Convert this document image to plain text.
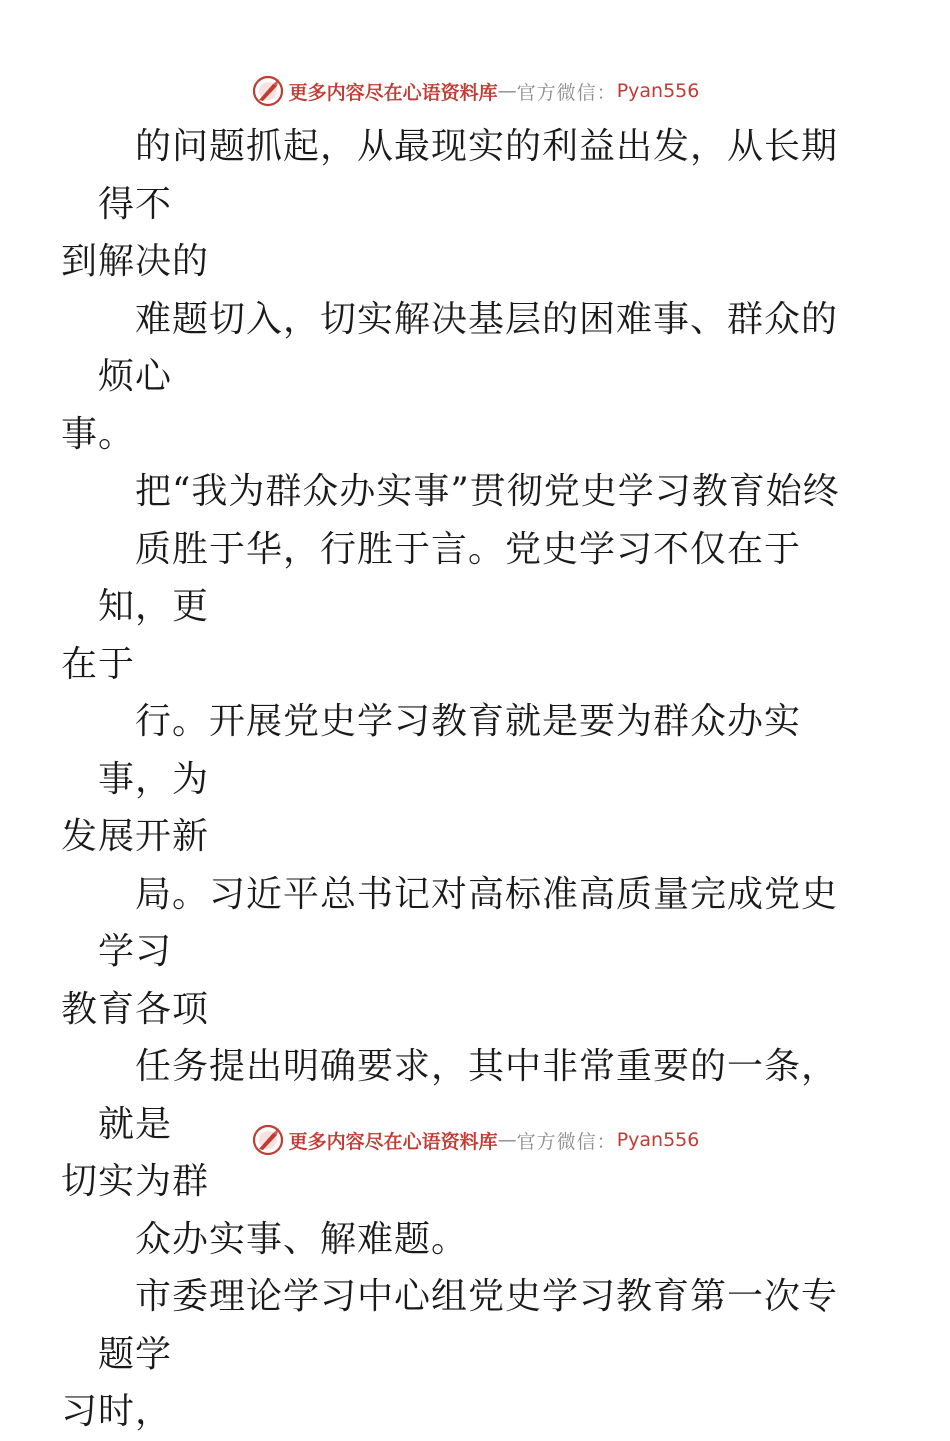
更多内容尽在心语资料库 — 官方微信： Pyan556

的问题抓起，从最现实的利益出发，从长期得不
到解决的

难题切入，切实解决基层的困难事、群众的烦心
事。

把“我为群众办实事”贯彻党史学习教育始终

质胜于华，行胜于言。党史学习不仅在于知，更
在于

行。开展党史学习教育就是要为群众办实事，为
发展开新

局。习近平总书记对高标准高质量完成党史学习
教育各项

任务提出明确要求，其中非常重要的一条，就是
切实为群

众办实事、解难题。

市委理论学习中心组党史学习教育第一次专题学
习时，

更多内容尽在心语资料库 — 官方微信： Pyan556
